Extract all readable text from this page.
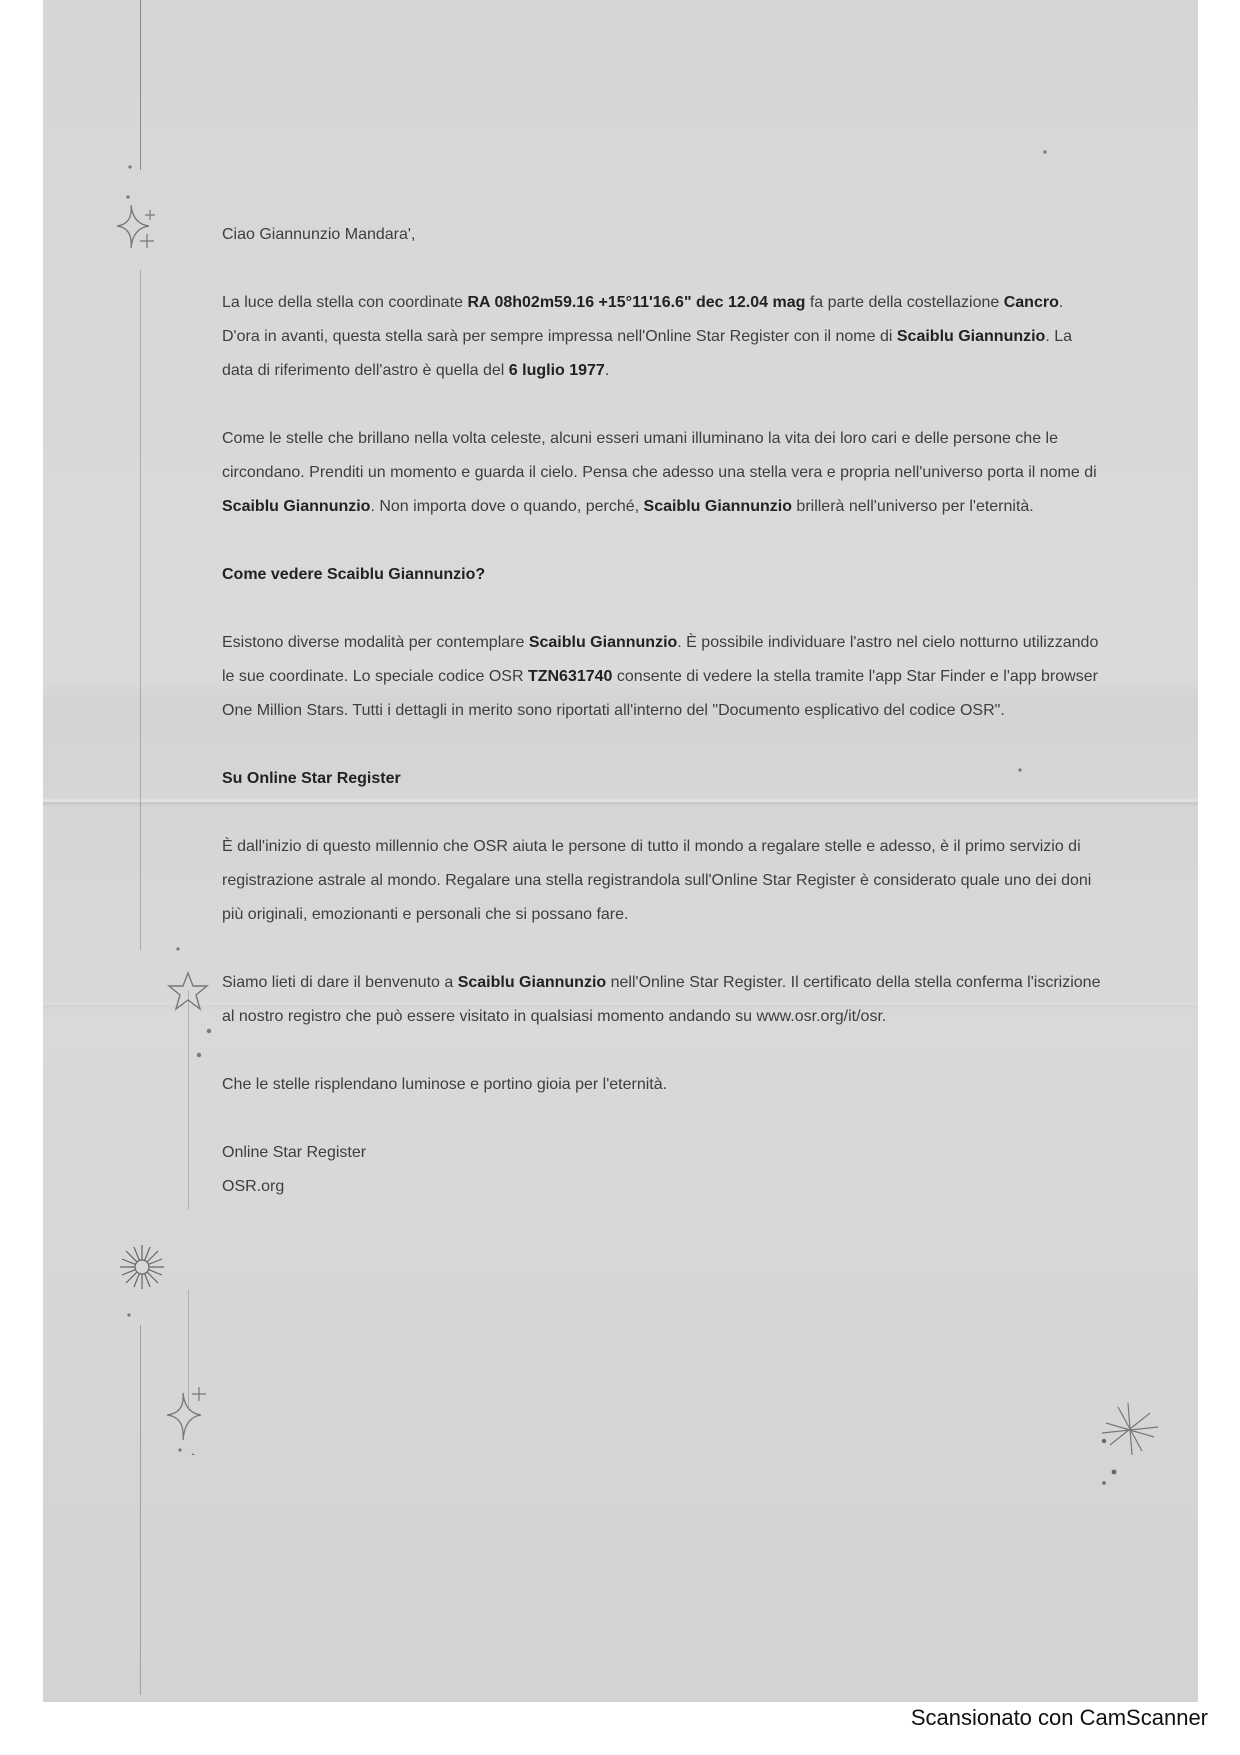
Ciao Giannunzio Mandara',

La luce della stella con coordinate RA 08h02m59.16 +15°11'16.6" dec 12.04 mag fa parte della costellazione Cancro. D'ora in avanti, questa stella sarà per sempre impressa nell'Online Star Register con il nome di Scaiblu Giannunzio. La data di riferimento dell'astro è quella del 6 luglio 1977.

Come le stelle che brillano nella volta celeste, alcuni esseri umani illuminano la vita dei loro cari e delle persone che le circondano. Prenditi un momento e guarda il cielo. Pensa che adesso una stella vera e propria nell'universo porta il nome di Scaiblu Giannunzio. Non importa dove o quando, perché, Scaiblu Giannunzio brillerà nell'universo per l'eternità.

Come vedere Scaiblu Giannunzio?

Esistono diverse modalità per contemplare Scaiblu Giannunzio. È possibile individuare l'astro nel cielo notturno utilizzando le sue coordinate. Lo speciale codice OSR TZN631740 consente di vedere la stella tramite l'app Star Finder e l'app browser One Million Stars. Tutti i dettagli in merito sono riportati all'interno del "Documento esplicativo del codice OSR".

Su Online Star Register

È dall'inizio di questo millennio che OSR aiuta le persone di tutto il mondo a regalare stelle e adesso, è il primo servizio di registrazione astrale al mondo. Regalare una stella registrandola sull'Online Star Register è considerato quale uno dei doni più originali, emozionanti e personali che si possano fare.

Siamo lieti di dare il benvenuto a Scaiblu Giannunzio nell'Online Star Register. Il certificato della stella conferma l'iscrizione al nostro registro che può essere visitato in qualsiasi momento andando su www.osr.org/it/osr.

Che le stelle risplendano luminose e portino gioia per l'eternità.

Online Star Register

OSR.org

Scansionato con CamScanner
